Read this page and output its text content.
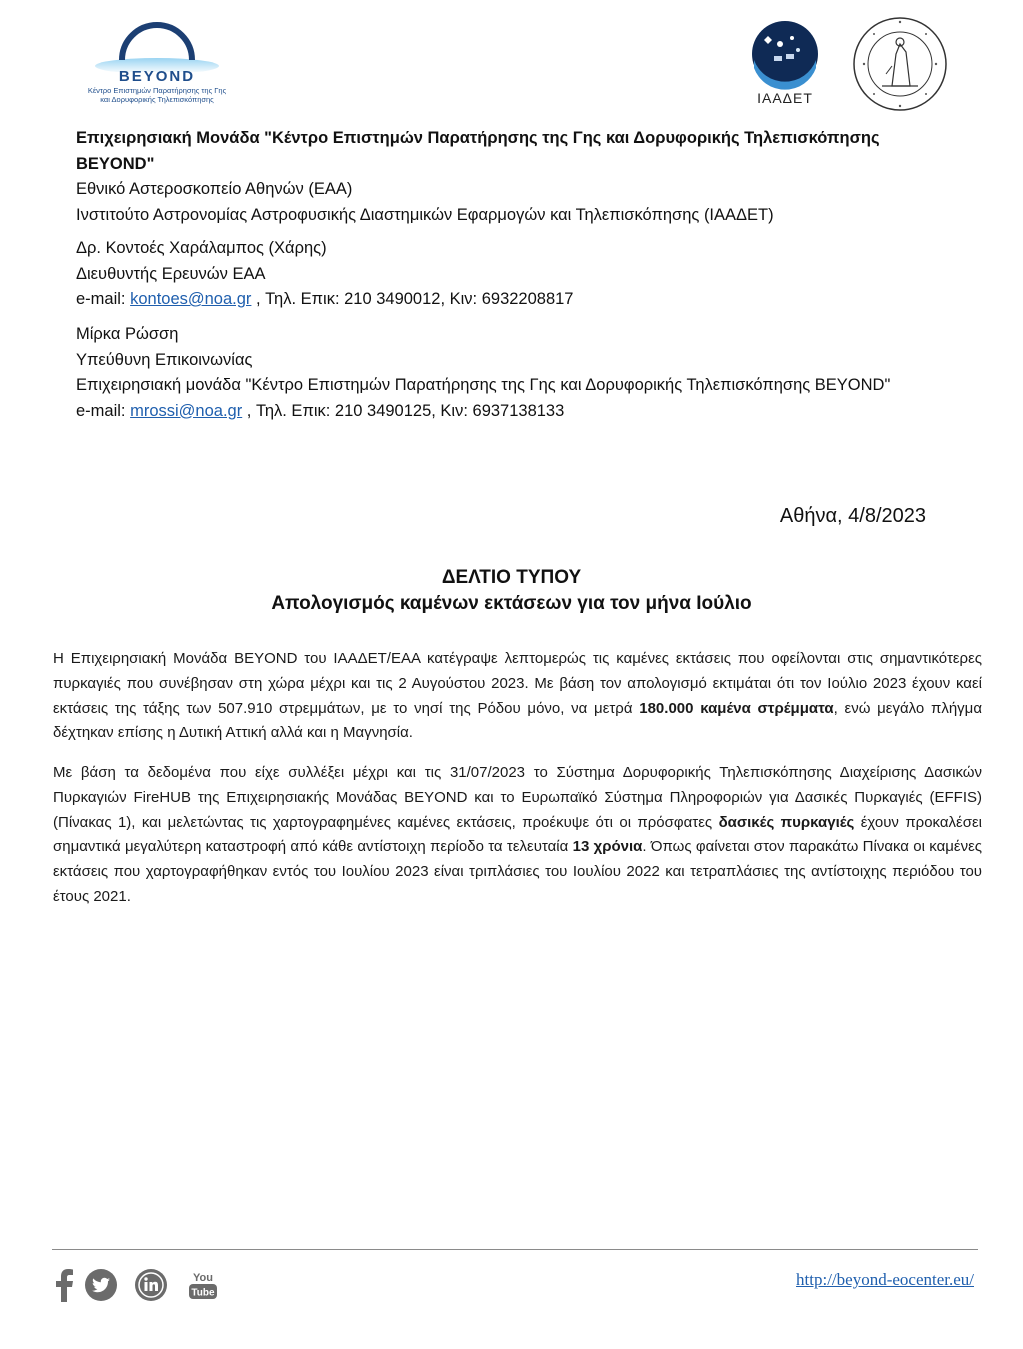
BEYOND
Κέντρο Επιστημών Παρατήρησης της Γης
και Δορυφορικής Τηλεπισκόπησης	ΙΑΑΔΕΤ
Επιχειρησιακή Μονάδα "Κέντρο Επιστημών Παρατήρησης της Γης και Δορυφορικής Τηλεπισκόπησης BEYOND"
Εθνικό Αστεροσκοπείο Αθηνών (ΕΑΑ)
Ινστιτούτο Αστρονομίας Αστροφυσικής Διαστημικών Εφαρμογών και Τηλεπισκόπησης (ΙΑΑΔΕΤ)
Δρ. Κοντοές Χαράλαμπος (Χάρης)
Διευθυντής Ερευνών ΕΑΑ
e-mail: kontoes@noa.gr , Τηλ. Επικ: 210 3490012, Κιν: 6932208817
Μίρκα Ρώσση
Υπεύθυνη Επικοινωνίας
Επιχειρησιακή μονάδα "Κέντρο Επιστημών Παρατήρησης της Γης και Δορυφορικής Τηλεπισκόπησης BEYOND"
e-mail: mrossi@noa.gr , Τηλ. Επικ: 210 3490125, Κιν: 6937138133
Αθήνα, 4/8/2023
ΔΕΛΤΙΟ ΤΥΠΟΥ
Απολογισμός καμένων εκτάσεων για τον μήνα Ιούλιο
Η Επιχειρησιακή Μονάδα BEYOND του ΙΑΑΔΕΤ/ΕΑΑ κατέγραψε λεπτομερώς τις καμένες εκτάσεις που οφείλονται στις σημαντικότερες πυρκαγιές που συνέβησαν στη χώρα μέχρι και τις 2 Αυγούστου 2023. Με βάση τον απολογισμό εκτιμάται ότι τον Ιούλιο 2023 έχουν καεί εκτάσεις της τάξης των 507.910 στρεμμάτων, με το νησί της Ρόδου μόνο, να μετρά 180.000 καμένα στρέμματα, ενώ μεγάλο πλήγμα δέχτηκαν επίσης η Δυτική Αττική αλλά και η Μαγνησία.
Με βάση τα δεδομένα που είχε συλλέξει μέχρι και τις 31/07/2023 το Σύστημα Δορυφορικής Τηλεπισκόπησης Διαχείρισης Δασικών Πυρκαγιών FireHUB της Επιχειρησιακής Μονάδας BEYOND και το Ευρωπαϊκό Σύστημα Πληροφοριών για Δασικές Πυρκαγιές (EFFIS) (Πίνακας 1), και μελετώντας τις χαρτογραφημένες καμένες εκτάσεις, προέκυψε ότι οι πρόσφατες δασικές πυρκαγιές έχουν προκαλέσει σημαντικά μεγαλύτερη καταστροφή από κάθε αντίστοιχη περίοδο τα τελευταία 13 χρόνια. Όπως φαίνεται στον παρακάτω Πίνακα οι καμένες εκτάσεις που χαρτογραφήθηκαν εντός του Ιουλίου 2023 είναι τριπλάσιες του Ιουλίου 2022 και τετραπλάσιες της αντίστοιχης περιόδου του έτους 2021.
You
Tube
http://beyond-eocenter.eu/
